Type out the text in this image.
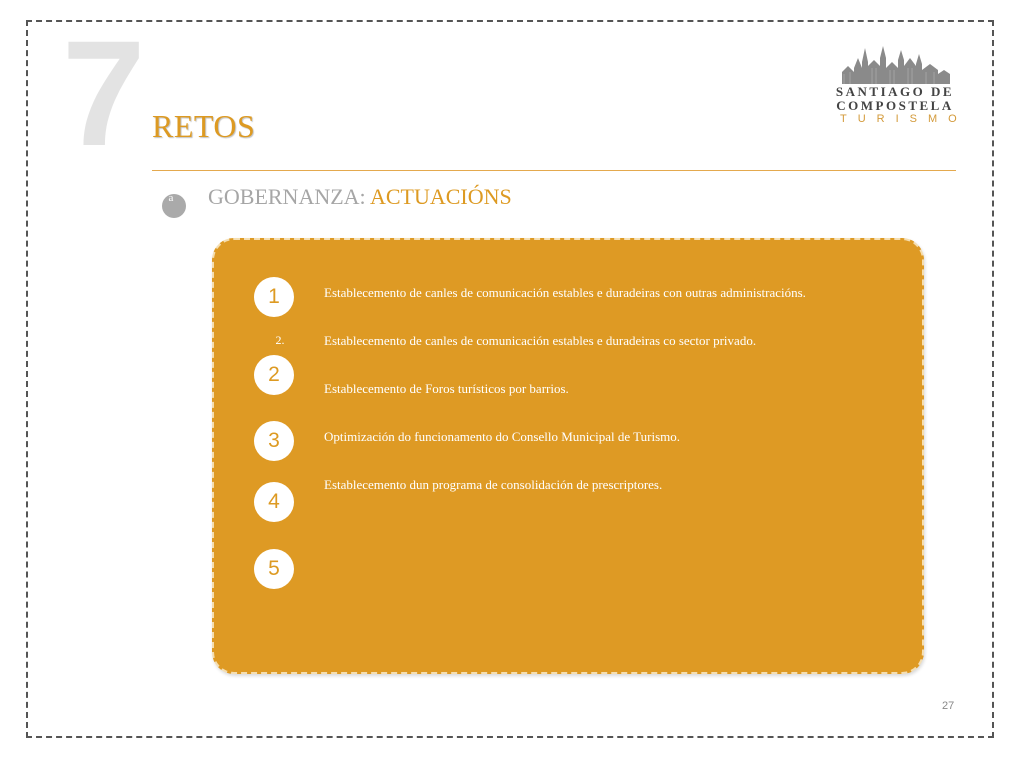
7 RETOS
SANTIAGO DE
COMPOSTELA
TURISMO
a GOBERNANZA: ACTUACIÓNS
1
2
3
4
5
2.
Establecemento de canles de comunicación estables e duradeiras con outras administracións.
Establecemento de canles de comunicación estables e duradeiras co sector privado.
Establecemento de Foros turísticos por barrios.
Optimización do funcionamento do Consello Municipal de Turismo.
Establecemento dun programa de consolidación de prescriptores.
27
